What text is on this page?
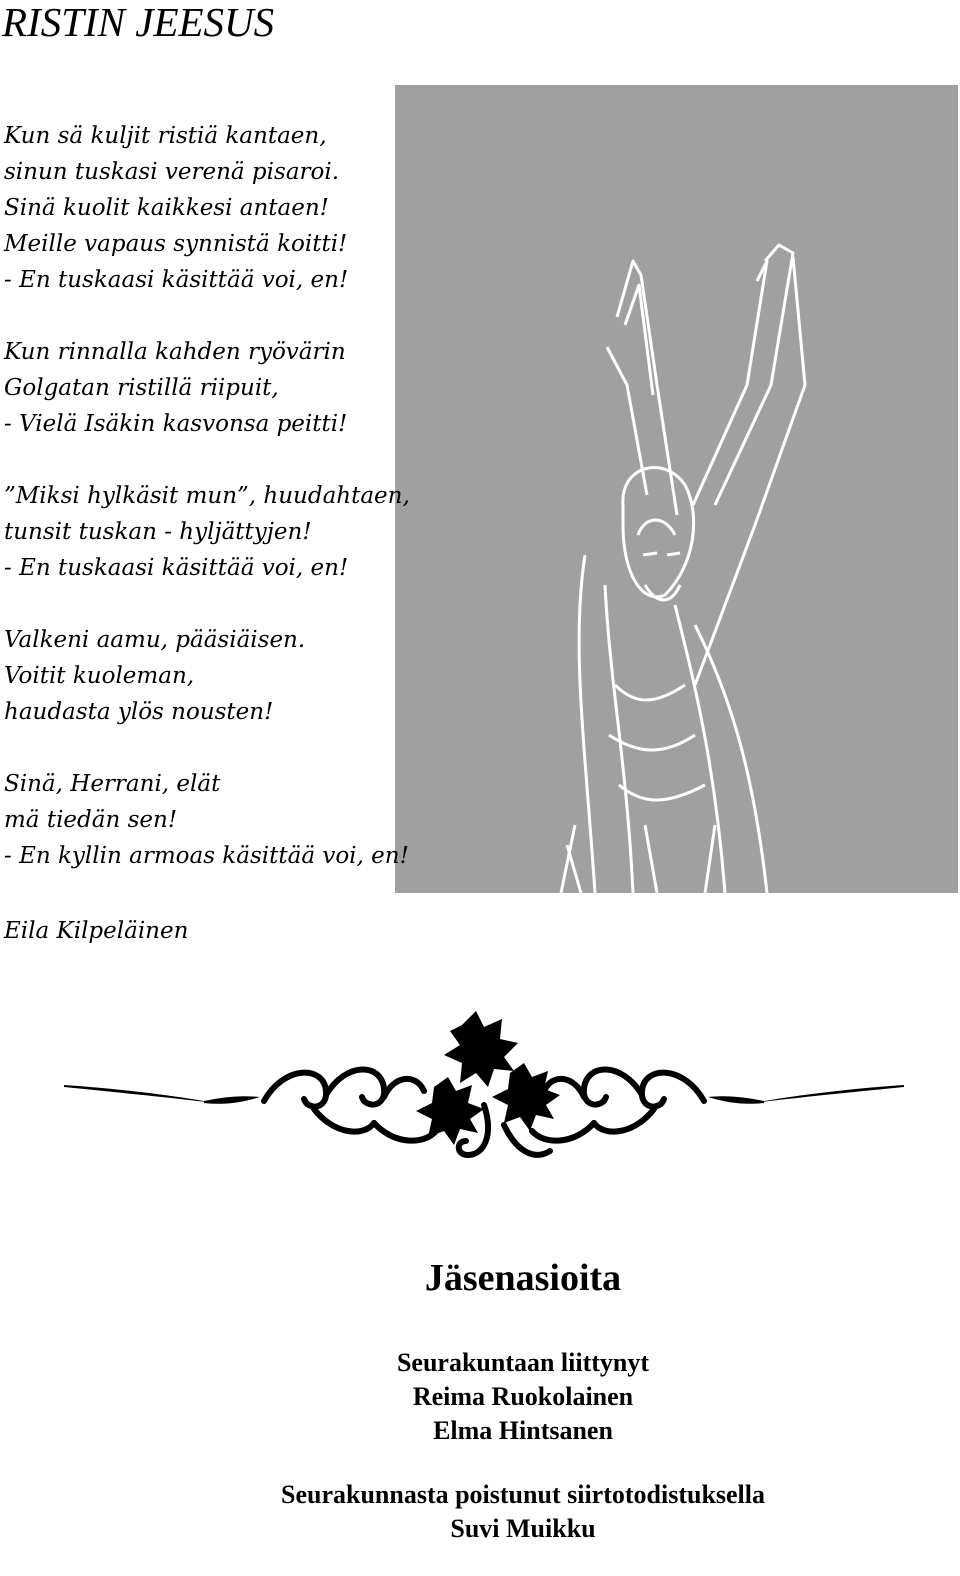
RISTIN JEESUS
Kun sä kuljit ristiä kantaen,
sinun tuskasi verenä pisaroi.
Sinä kuolit kaikkesi antaen!
Meille vapaus synnistä koitti!
- En tuskaasi käsittää voi, en!
Kun rinnalla kahden ryövärin
Golgatan ristillä riipuit,
- Vielä Isäkin kasvonsa peitti!
”Miksi hylkäsit mun”, huudahtaen,
tunsit tuskan - hyljättyjen!
- En tuskaasi käsittää voi, en!
Valkeni aamu, pääsiäisen.
Voitit kuoleman,
haudasta ylös nousten!
Sinä, Herrani, elät
mä tiedän sen!
- En kyllin armoas käsittää voi, en!
Eila Kilpeläinen
Jäsenasioita
Seurakuntaan liittynyt
Reima Ruokolainen
Elma Hintsanen
Seurakunnasta poistunut siirtotodistuksella
Suvi Muikku
